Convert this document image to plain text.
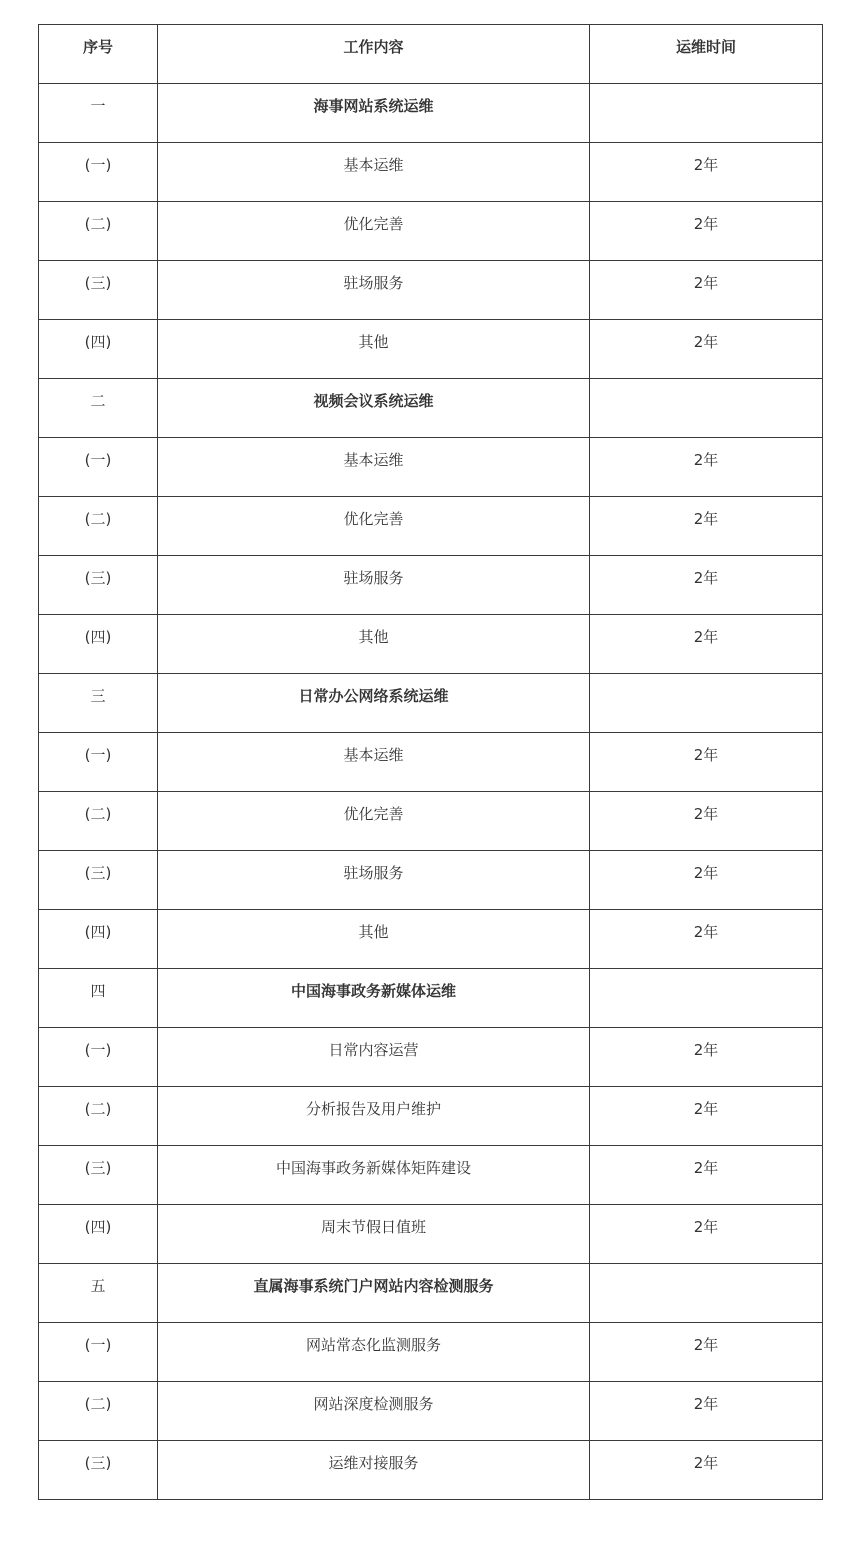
序号	工作内容	运维时间
一	海事网站系统运维	
(一)	基本运维	2年
(二)	优化完善	2年
(三)	驻场服务	2年
(四)	其他	2年
二	视频会议系统运维	
(一)	基本运维	2年
(二)	优化完善	2年
(三)	驻场服务	2年
(四)	其他	2年
三	日常办公网络系统运维	
(一)	基本运维	2年
(二)	优化完善	2年
(三)	驻场服务	2年
(四)	其他	2年
四	中国海事政务新媒体运维	
(一)	日常内容运营	2年
(二)	分析报告及用户维护	2年
(三)	中国海事政务新媒体矩阵建设	2年
(四)	周末节假日值班	2年
五	直属海事系统门户网站内容检测服务	
(一)	网站常态化监测服务	2年
(二)	网站深度检测服务	2年
(三)	运维对接服务	2年
